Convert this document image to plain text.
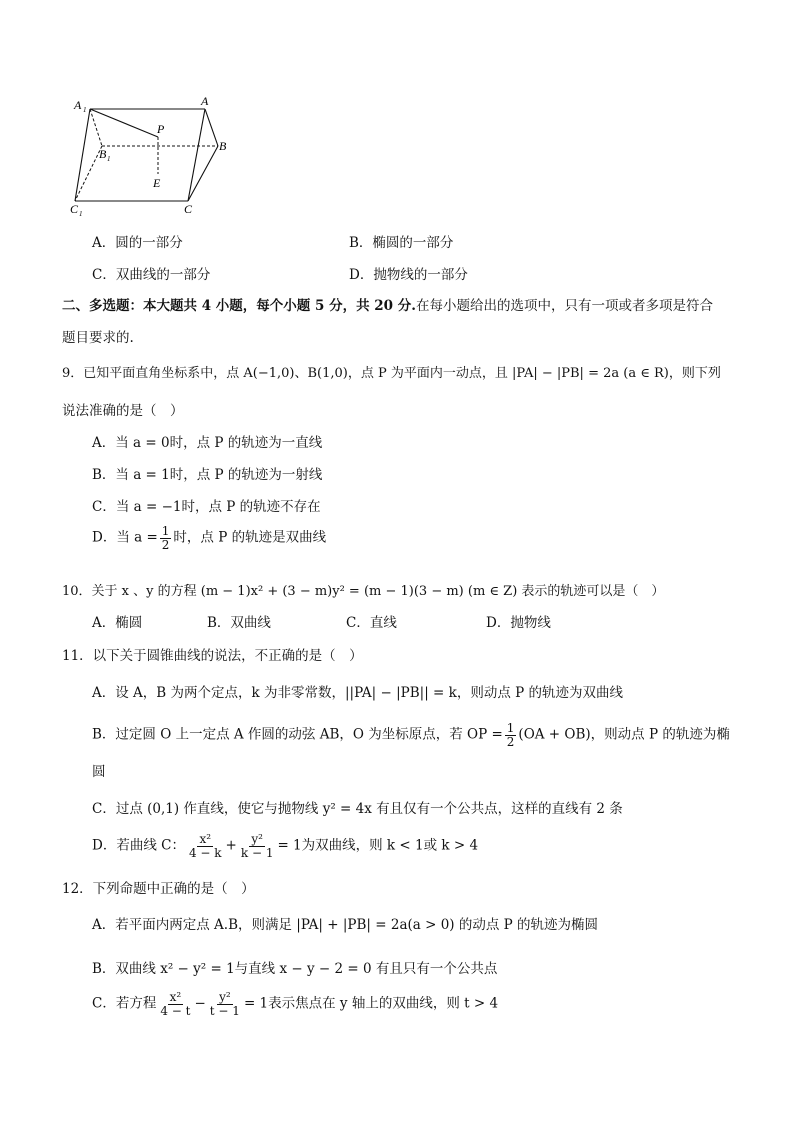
A 1
A
P
B 1
B
E
C 1	C
A．圆的一部分	B．椭圆的一部分
C．双曲线的一部分	D．抛物线的一部分
二、多选题：本大题共 4 小题，每个小题 5 分，共 20 分.在每小题给出的选项中，只有一项或者多项是符合
题目要求的.
9．已知平面直角坐标系中，点 A(−1,0)、B(1,0)，点 P 为平面内一动点，且 |PA| − |PB| = 2a (a ∈ R)，则下列
说法准确的是（　）
A．当 a = 0时，点 P 的轨迹为一直线
B．当 a = 1时，点 P 的轨迹为一射线
C．当 a = −1时，点 P 的轨迹不存在
D．当 $a = \frac{1}{2}$ 时，点 P 的轨迹是双曲线
10．关于 x 、y 的方程 (m − 1)x² + (3 − m)y² = (m − 1)(3 − m) (m ∈ Z) 表示的轨迹可以是（　）
A．椭圆	B．双曲线	C．直线	D．抛物线
11．以下关于圆锥曲线的说法，不正确的是（　）
A．设 A，B 为两个定点，k 为非零常数，||PA| − |PB|| = k，则动点 P 的轨迹为双曲线
B．过定圆 O 上一定点 A 作圆的动弦 AB，O 为坐标原点，若 OP = $\frac{1}{2} (OA + OB)$，则动点 P 的轨迹为椭
圆
C．过点 (0,1) 作直线，使它与抛物线 y² = 4x 有且仅有一个公共点，这样的直线有 2 条
D．若曲线 C： $\frac{\text{x²}}{4 - k} + \frac{\text{y²}}{k - 1} = 1$为双曲线，则 k < 1或 k > 4
12．下列命题中正确的是（　）
A．若平面内两定点 A.B，则满足 |PA| + |PB| = 2a(a > 0) 的动点 P 的轨迹为椭圆
B．双曲线 x² − y² = 1与直线 x − y − 2 = 0 有且只有一个公共点
C．若方程 $\frac{\text{x²}}{4 - t} - \frac{\text{y²}}{t - 1} = 1$表示焦点在 y 轴上的双曲线，则 t > 4
